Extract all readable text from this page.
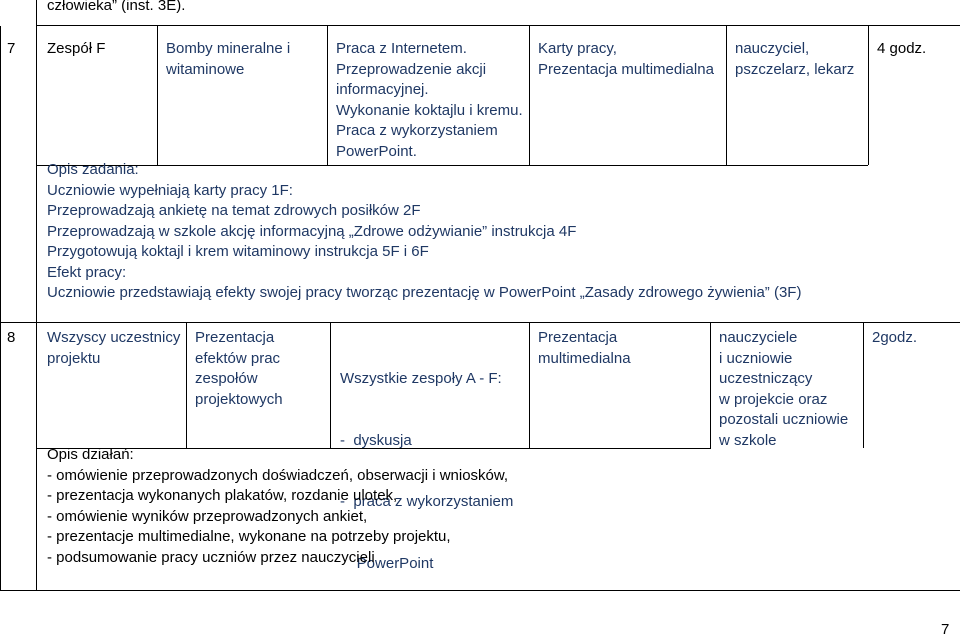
człowieka” (inst. 3E).
7 Zespół F	Bomby mineralne i
witaminowe
Praca z Internetem.
Przeprowadzenie akcji
informacyjnej.
Wykonanie koktajlu i kremu.
Praca z wykorzystaniem
PowerPoint.
Karty pracy,
Prezentacja multimedialna
nauczyciel,
pszczelarz, lekarz
4 godz.
Opis zadania:
Uczniowie wypełniają karty pracy 1F:
Przeprowadzają ankietę na temat zdrowych posiłków 2F
Przeprowadzają w szkole akcję informacyjną „Zdrowe odżywianie” instrukcja 4F
Przygotowują koktajl i krem witaminowy instrukcja 5F i 6F
Efekt pracy:
Uczniowie przedstawiają efekty swojej pracy tworząc prezentację w PowerPoint „Zasady zdrowego żywienia” (3F)
8 Wszyscy uczestnicy
projektu
Prezentacja
efektów prac
zespołów
projektowych

Wszystkie zespoły A - F:

-  dyskusja

-  praca z wykorzystaniem

PowerPoint

Prezentacja
multimedialna
nauczyciele
i uczniowie
uczestniczący
w projekcie oraz
pozostali uczniowie
w szkole
2godz.
Opis działań:
- omówienie przeprowadzonych doświadczeń, obserwacji i wniosków,
- prezentacja wykonanych plakatów, rozdanie ulotek,
- omówienie wyników przeprowadzonych ankiet,
- prezentacje multimedialne, wykonane na potrzeby projektu,
- podsumowanie pracy uczniów przez nauczycieli
7
